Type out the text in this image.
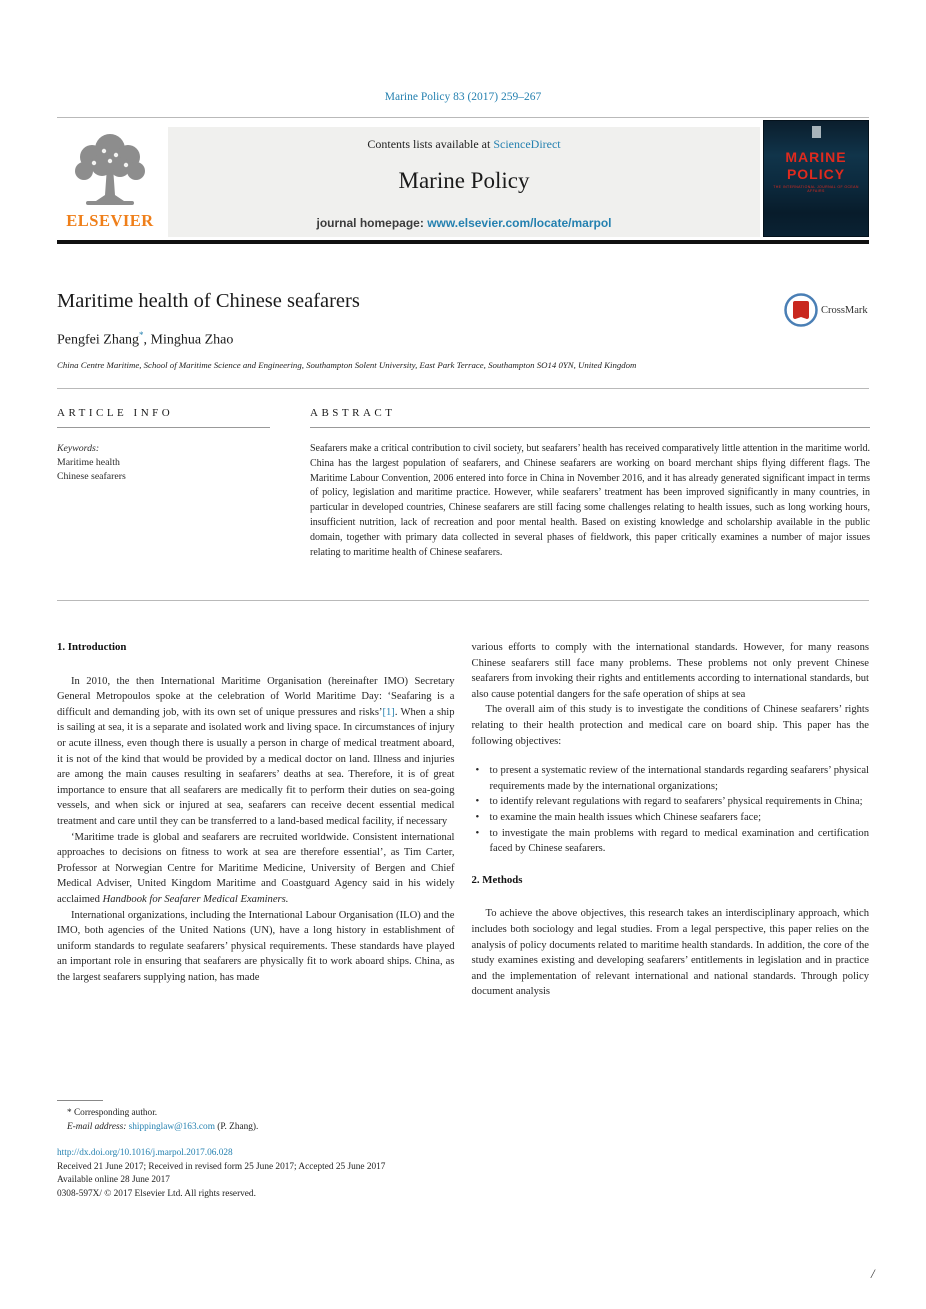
Marine Policy 83 (2017) 259–267
ELSEVIER
Contents lists available at ScienceDirect
Marine Policy
journal homepage: www.elsevier.com/locate/marpol
MARINE
POLICY
THE INTERNATIONAL JOURNAL OF OCEAN AFFAIRS
Maritime health of Chinese seafarers	CrossMark
Pengfei Zhang*, Minghua Zhao
China Centre Maritime, School of Maritime Science and Engineering, Southampton Solent University, East Park Terrace, Southampton SO14 0YN, United Kingdom
ARTICLE INFO
Keywords:
Maritime health
Chinese seafarers
ABSTRACT
Seafarers make a critical contribution to civil society, but seafarers’ health has received comparatively little attention in the maritime world. China has the largest population of seafarers, and Chinese seafarers are working on board merchant ships flying different flags. The Maritime Labour Convention, 2006 entered into force in China in November 2016, and it has already generated significant impact in terms of policy, legislation and maritime practice. However, while seafarers’ treatment has been improved significantly in many countries, in particular in developed countries, Chinese seafarers are still facing some challenges relating to health issues, such as long working hours, insufficient nutrition, lack of recreation and poor mental health. Based on existing knowledge and scholarship available in the public domain, together with primary data collected in several phases of fieldwork, this paper critically examines a number of major issues relating to maritime health of Chinese seafarers.
1. Introduction

In 2010, the then International Maritime Organisation (hereinafter IMO) Secretary General Metropoulos spoke at the celebration of World Maritime Day: ‘Seafaring is a difficult and demanding job, with its own set of unique pressures and risks’[1]. When a ship is sailing at sea, it is a separate and isolated work and living space. In circumstances of injury or acute illness, even though there is usually a person in charge of medical treatment aboard, it is not of the kind that would be provided by a medical doctor on land. Illness and injuries are among the main causes resulting in seafarers’ deaths at sea. Therefore, it is of great importance to ensure that all seafarers are medically fit to perform their duties on sea-going vessels, and when sick or injured at sea, seafarers can receive decent essential medical treatment and care until they can be transferred to a land-based medical facility, if necessary

‘Maritime trade is global and seafarers are recruited worldwide. Consistent international approaches to decisions on fitness to work at sea are therefore essential’, as Tim Carter, Professor at Norwegian Centre for Maritime Medicine, University of Bergen and Chief Medical Adviser, United Kingdom Maritime and Coastguard Agency said in his widely acclaimed Handbook for Seafarer Medical Examiners.

International organizations, including the International Labour Organisation (ILO) and the IMO, both agencies of the United Nations (UN), have a long history in establishment of uniform standards to regulate seafarers’ physical requirements. These standards have played an important role in ensuring that seafarers are physically fit to work aboard ships. China, as the largest seafarers supplying nation, has made

various efforts to comply with the international standards. However, for many reasons Chinese seafarers still face many problems. These problems not only prevent Chinese seafarers from invoking their rights and entitlements according to international standards, but also cause potential dangers for the safe operation of ships at sea

The overall aim of this study is to investigate the conditions of Chinese seafarers’ rights relating to their health protection and medical care on board ship. This paper has the following objectives:

• to present a systematic review of the international standards regarding seafarers’ physical requirements made by the international organizations;
• to identify relevant regulations with regard to seafarers’ physical requirements in China;
• to examine the main health issues which Chinese seafarers face;
• to investigate the main problems with regard to medical examination and certification faced by Chinese seafarers.
2. Methods

To achieve the above objectives, this research takes an interdisciplinary approach, which includes both sociology and legal studies. From a legal perspective, this paper relies on the analysis of policy documents related to maritime health standards. In addition, the core of the study examines existing and developing seafarers’ entitlements in legislation and in practice and the implementation of relevant international and national standards. Through policy document analysis

* Corresponding author.
E-mail address: shippinglaw@163.com (P. Zhang).
http://dx.doi.org/10.1016/j.marpol.2017.06.028
Received 21 June 2017; Received in revised form 25 June 2017; Accepted 25 June 2017
Available online 28 June 2017
0308-597X/ © 2017 Elsevier Ltd. All rights reserved.
/
